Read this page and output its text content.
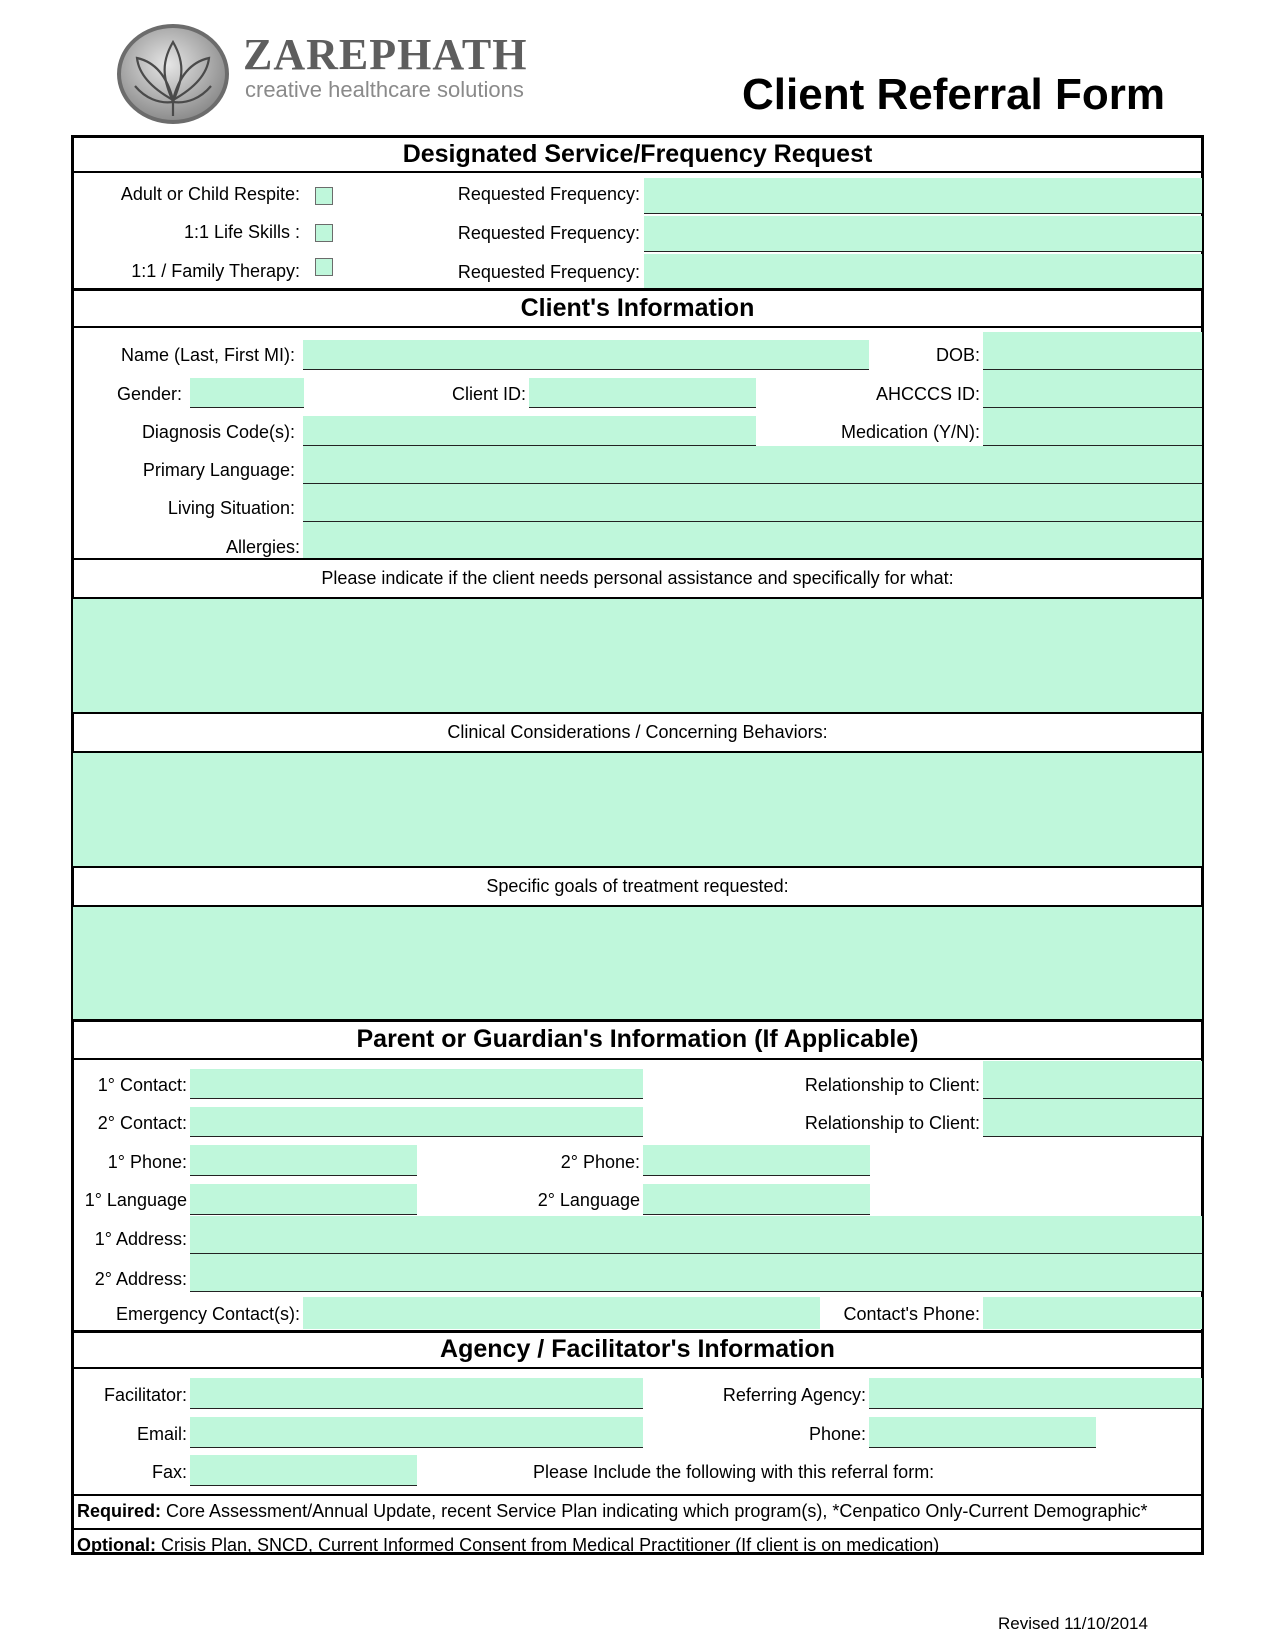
ZAREPHATH
creative healthcare solutions	Client Referral Form
Designated Service/Frequency Request
Adult or Child Respite:	Requested Frequency:
1:1 Life Skills :	Requested Frequency:
1:1 / Family Therapy:	Requested Frequency:
Client's Information
Name (Last, First MI):	DOB:
Gender:	Client ID:	AHCCCS ID:
Diagnosis Code(s):	Medication (Y/N):
Primary Language:
Living Situation:
Allergies:
Please indicate if the client needs personal assistance and specifically for what:
Clinical Considerations / Concerning Behaviors:
Specific goals of treatment requested:
Parent or Guardian's Information (If Applicable)
1° Contact:	Relationship to Client:
2° Contact:	Relationship to Client:
1° Phone:	2° Phone:
1° Language	2° Language
1° Address:
2° Address:
Emergency Contact(s):	Contact's Phone:
Agency / Facilitator's Information
Facilitator:	Referring Agency:
Email:	Phone:
Fax:	Please Include the following with this referral form:
Required: Core Assessment/Annual Update, recent Service Plan indicating which program(s), *Cenpatico Only-Current Demographic*
Optional: Crisis Plan, SNCD, Current Informed Consent from Medical Practitioner (If client is on medication)
Revised 11/10/2014
